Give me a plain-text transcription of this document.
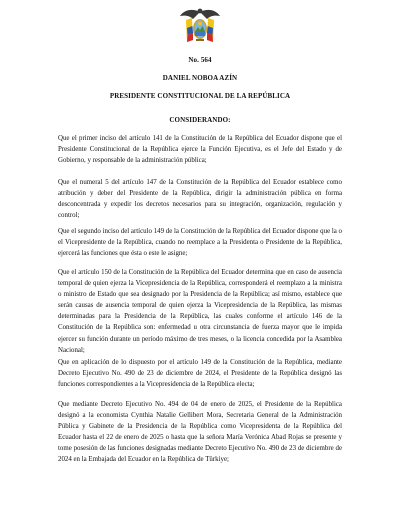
No. 564
DANIEL NOBOA AZÍN
PRESIDENTE CONSTITUCIONAL DE LA REPÚBLICA
CONSIDERANDO:

Que el primer inciso del artículo 141 de la Constitución de la República del Ecuador dispone que el Presidente Constitucional de la República ejerce la Función Ejecutiva, es el Jefe del Estado y de Gobierno, y responsable de la administración pública;

Que el numeral 5 del artículo 147 de la Constitución de la República del Ecuador establece como atribución y deber del Presidente de la República, dirigir la administración pública en forma desconcentrada y expedir los decretos necesarios para su integración, organización, regulación y control;

Que el segundo inciso del artículo 149 de la Constitución de la República del Ecuador dispone que la o el Vicepresidente de la República, cuando no reemplace a la Presidenta o Presidente de la República, ejercerá las funciones que ésta o este le asigne;

Que el artículo 150 de la Constitución de la República del Ecuador determina que en caso de ausencia temporal de quien ejerza la Vicepresidencia de la República, corresponderá el reemplazo a la ministra o ministro de Estado que sea designado por la Presidencia de la República; así mismo, establece que serán causas de ausencia temporal de quien ejerza la Vicepresidencia de la República, las mismas determinadas para la Presidencia de la República, las cuales conforme el artículo 146 de la Constitución de la República son: enfermedad u otra circunstancia de fuerza mayor que le impida ejercer su función durante un período máximo de tres meses, o la licencia concedida por la Asamblea Nacional;

Que en aplicación de lo dispuesto por el artículo 149 de la Constitución de la República, mediante Decreto Ejecutivo No. 490 de 23 de diciembre de 2024, el Presidente de la República designó las funciones correspondientes a la Vicepresidencia de la República electa;

Que mediante Decreto Ejecutivo No. 494 de 04 de enero de 2025, el Presidente de la República designó a la economista Cynthia Natalie Gellibert Mora, Secretaria General de la Administración Pública y Gabinete de la Presidencia de la República como Vicepresidenta de la República del Ecuador hasta el 22 de enero de 2025 o hasta que la señora María Verónica Abad Rojas se presente y tome posesión de las funciones designadas mediante Decreto Ejecutivo No. 490 de 23 de diciembre de 2024 en la Embajada del Ecuador en la República de Türkiye;
